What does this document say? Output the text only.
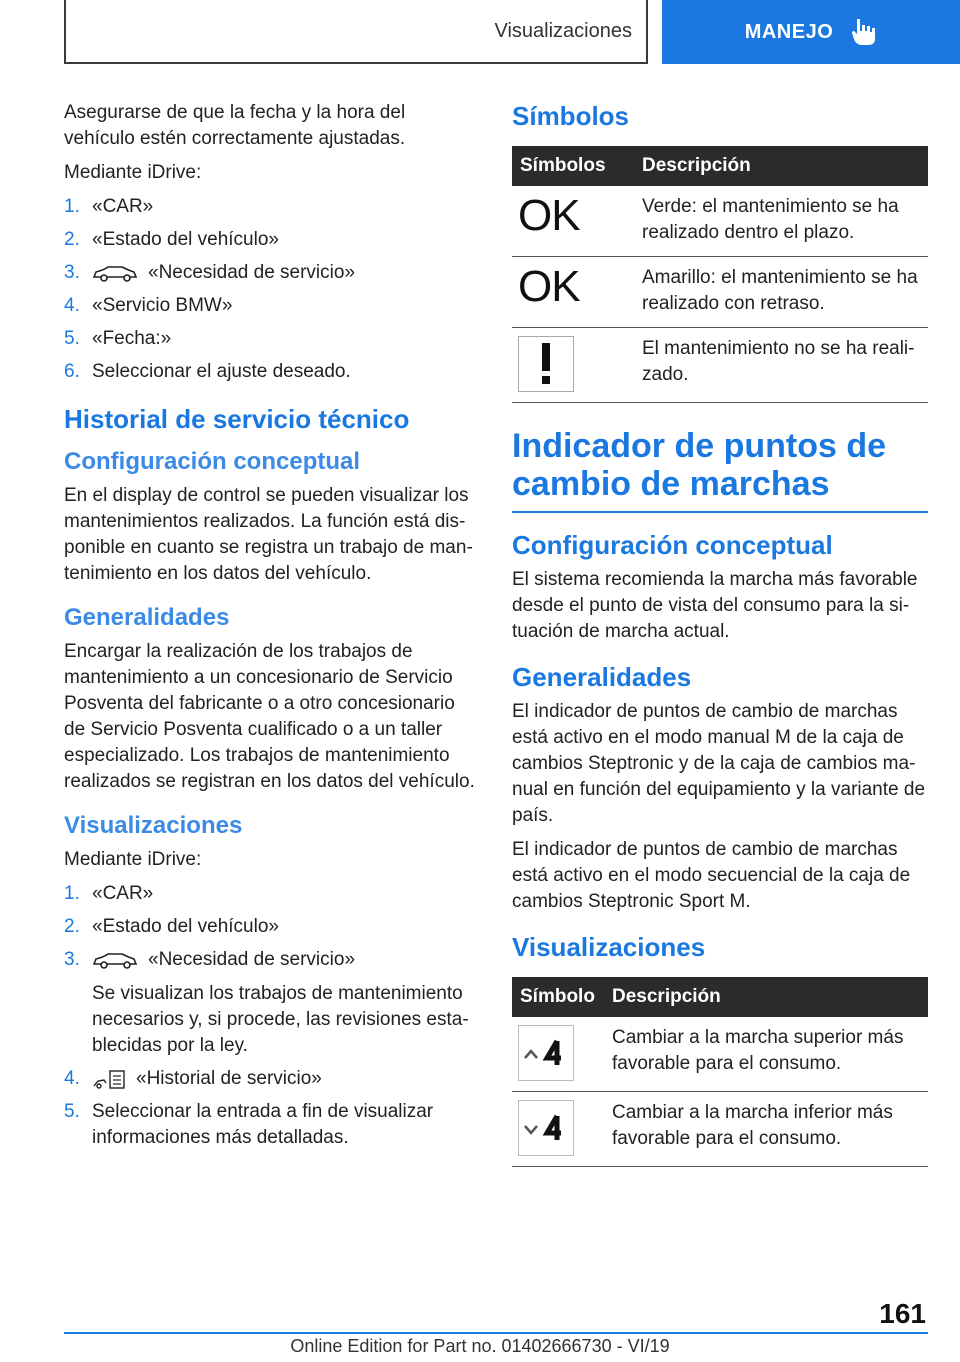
Visualizaciones	MANEJO

Asegurarse de que la fecha y la hora del vehículo estén correctamente ajustadas.

Mediante iDrive:

1. «CAR»
2. «Estado del vehículo»
3.	«Necesidad de servicio»
4. «Servicio BMW»
5. «Fecha:»
6. Seleccionar el ajuste deseado.
Historial de servicio técnico
Configuración conceptual

En el display de control se pueden visualizar los mantenimientos realizados. La función está disponible en cuanto se registra un trabajo de mantenimiento en los datos del vehículo.

Generalidades

Encargar la realización de los trabajos de mantenimiento a un concesionario de Servicio Posventa del fabricante o a otro concesionario de Servicio Posventa cualificado o a un taller especializado. Los trabajos de mantenimiento realizados se registran en los datos del vehículo.

Visualizaciones

Mediante iDrive:

1. «CAR»
2. «Estado del vehículo»
3.	«Necesidad de servicio»
Se visualizan los trabajos de mantenimiento necesarios y, si procede, las revisiones establecidas por la ley.
4.	«Historial de servicio»
5. Seleccionar la entrada a fin de visualizar informaciones más detalladas.
Símbolos
Símbolos	Descripción
OK	Verde: el mantenimiento se ha realizado dentro el plazo.
OK	Amarillo: el mantenimiento se ha realizado con retraso.

	El mantenimiento no se ha realizado.
Indicador de puntos de cambio de marchas
Configuración conceptual

El sistema recomienda la marcha más favorable desde el punto de vista del consumo para la situación de marcha actual.

Generalidades

El indicador de puntos de cambio de marchas está activo en el modo manual M de la caja de cambios Steptronic y de la caja de cambios manual en función del equipamiento y la variante de país.

El indicador de puntos de cambio de marchas está activo en el modo secuencial de la caja de cambios Steptronic Sport M.

Visualizaciones
Símbolo	Descripción

	Cambiar a la marcha superior más favorable para el consumo.

	Cambiar a la marcha inferior más favorable para el consumo.
161
Online Edition for Part no. 01402666730 - VI/19
